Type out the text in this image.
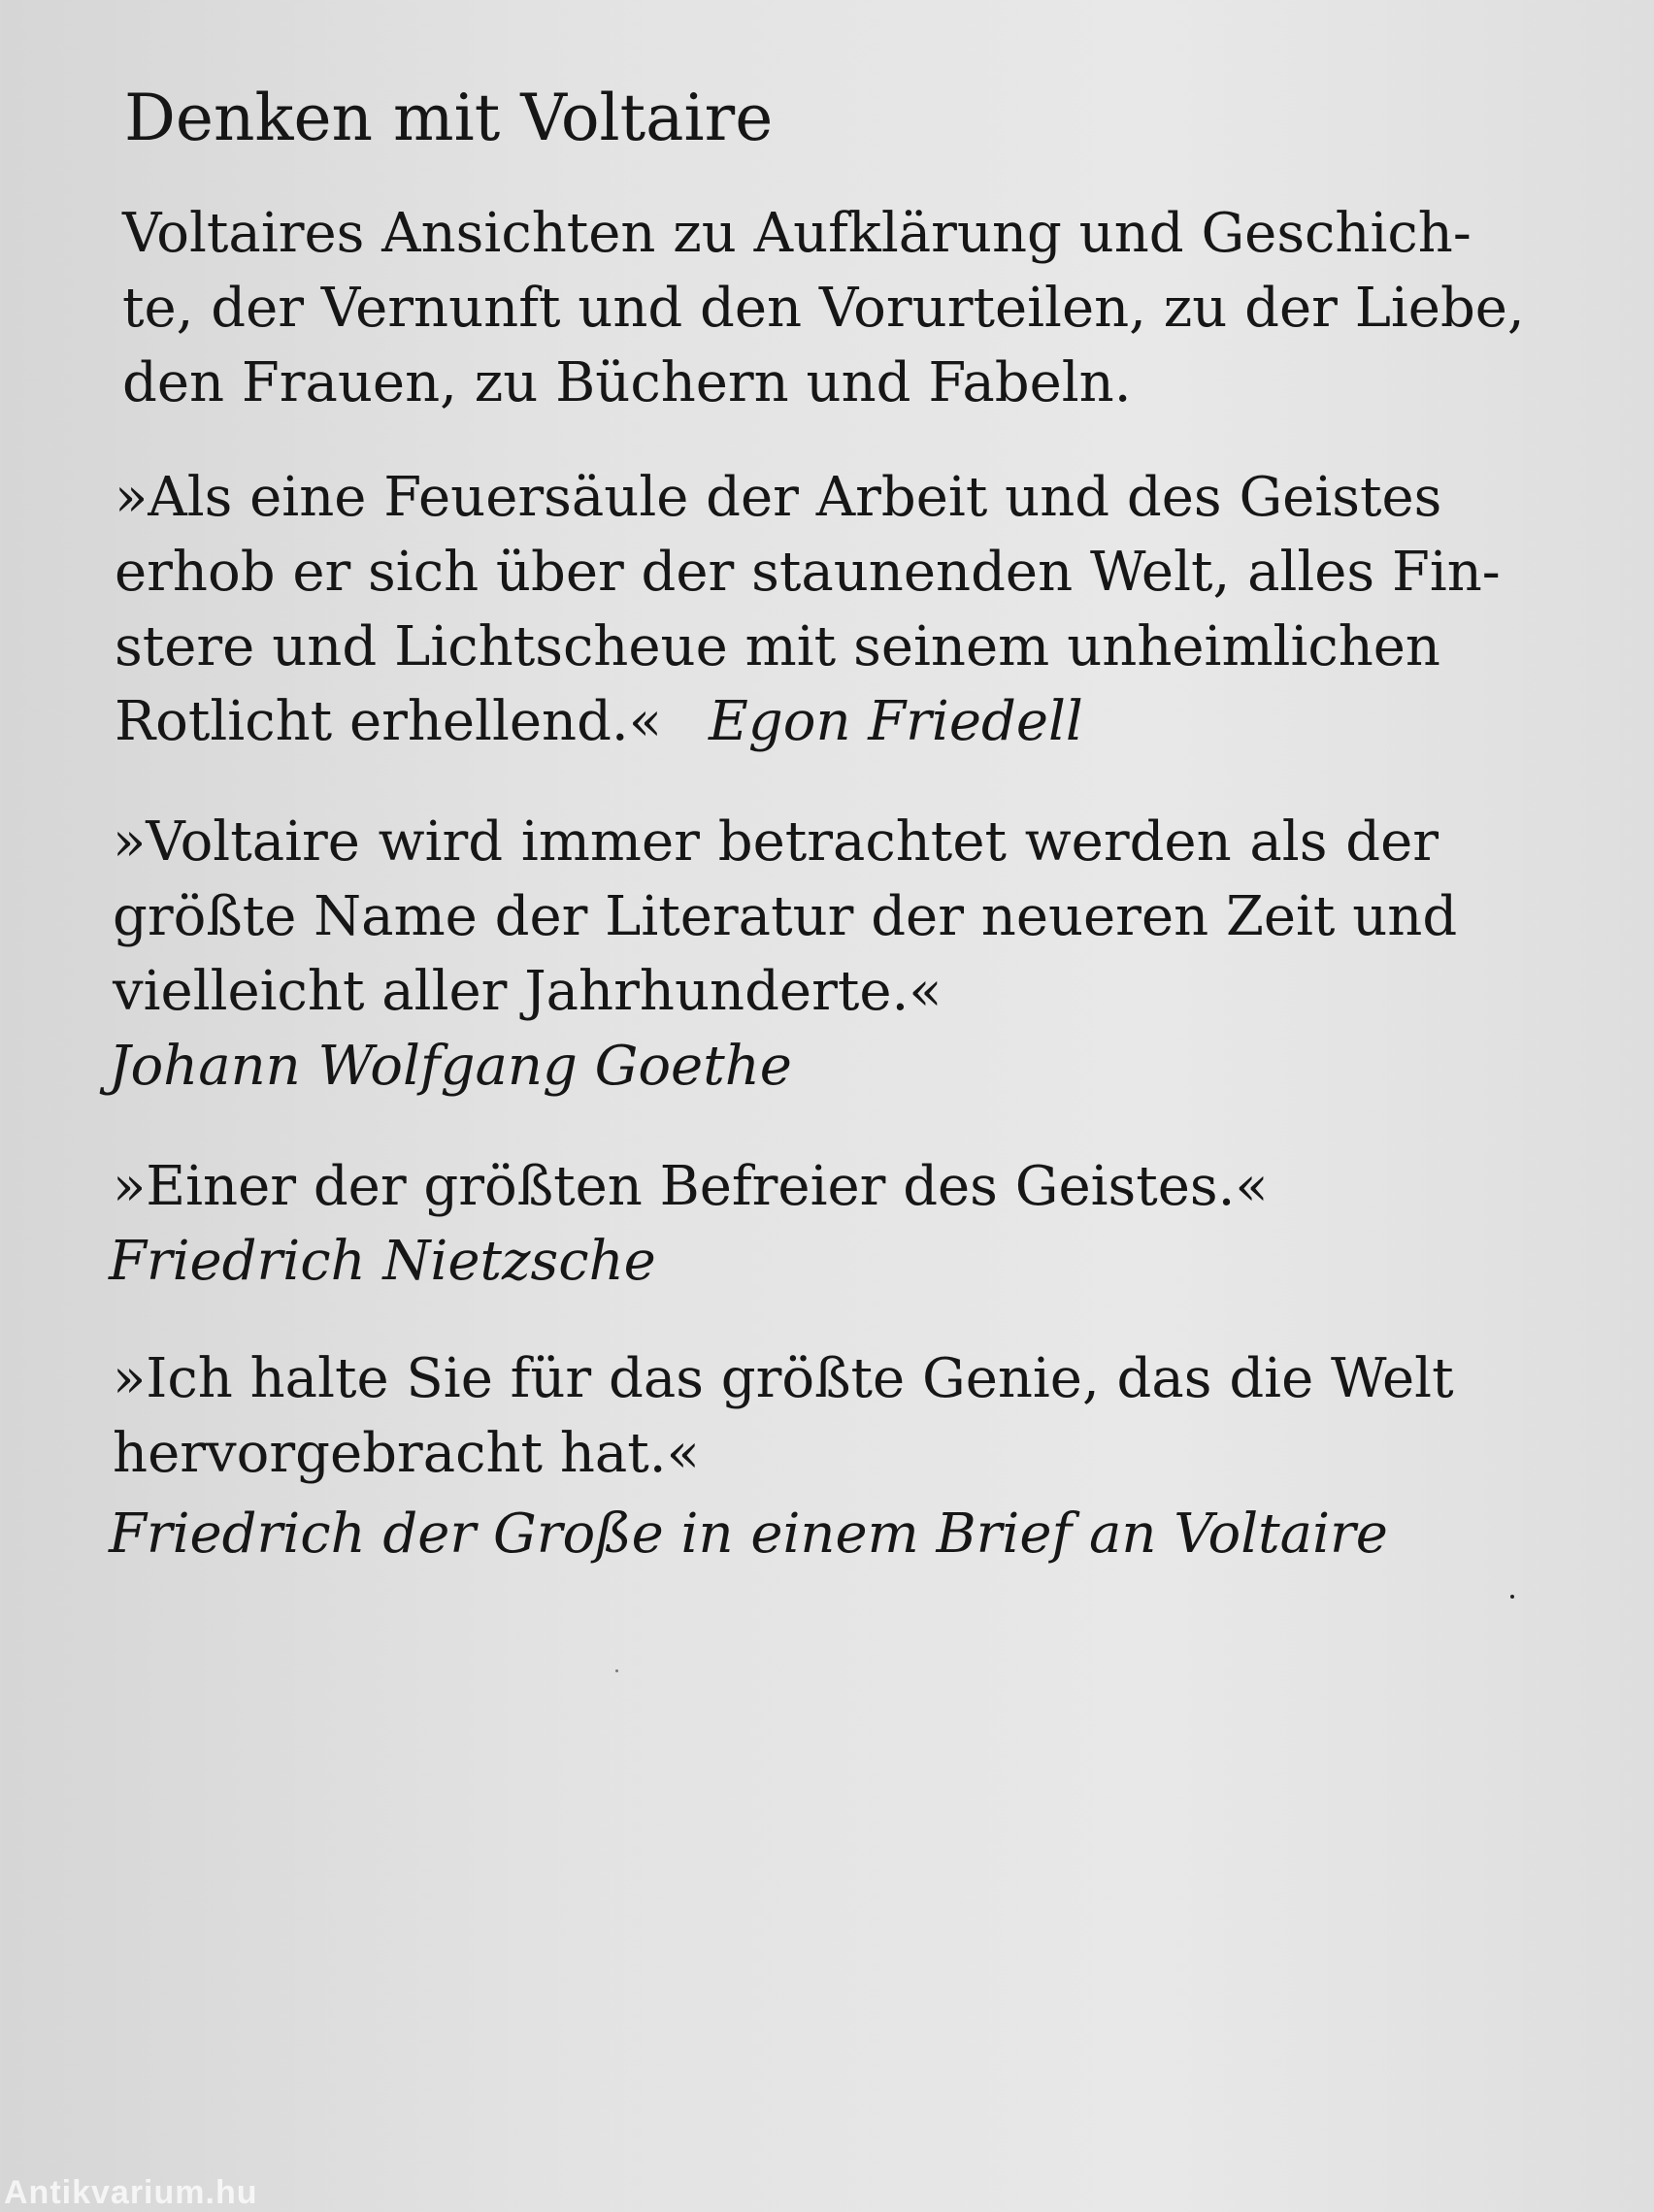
Denken mit Voltaire
Voltaires Ansichten zu Aufklärung und Geschich-
te, der Vernunft und den Vorurteilen, zu der Liebe,
den Frauen, zu Büchern und Fabeln.
»Als eine Feuersäule der Arbeit und des Geistes
erhob er sich über der staunenden Welt, alles Fin-
stere und Lichtscheue mit seinem unheimlichen
Rotlicht erhellend.« Egon Friedell
»Voltaire wird immer betrachtet werden als der
größte Name der Literatur der neueren Zeit und
vielleicht aller Jahrhunderte.«
Johann Wolfgang Goethe
»Einer der größten Befreier des Geistes.«
Friedrich Nietzsche
»Ich halte Sie für das größte Genie, das die Welt
hervorgebracht hat.«
Friedrich der Große in einem Brief an Voltaire
Antikvarium.hu
